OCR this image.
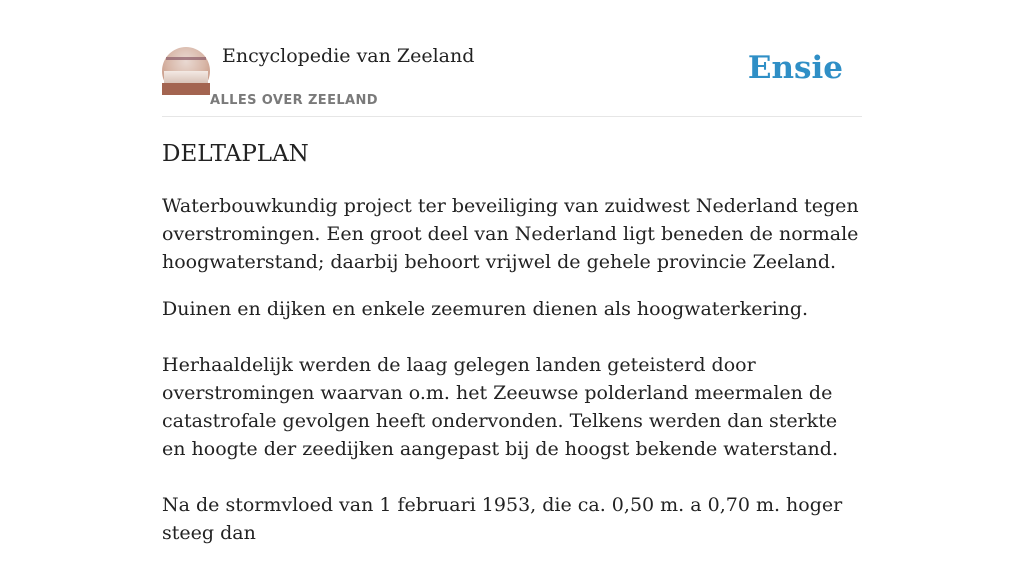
Encyclopedie van Zeeland
ALLES OVER ZEELAND
Ensie
DELTAPLAN

Waterbouwkundig project ter beveiliging van zuidwest Nederland tegen overstromingen. Een groot deel van Nederland ligt beneden de normale hoogwaterstand; daarbij behoort vrijwel de gehele provincie Zeeland.

Duinen en dijken en enkele zeemuren dienen als hoogwaterkering.

Herhaaldelijk werden de laag gelegen landen geteisterd door overstromingen waarvan o.m. het Zeeuwse polderland meermalen de catastrofale gevolgen heeft ondervonden. Telkens werden dan sterkte en hoogte der zeedijken aangepast bij de hoogst bekende waterstand.

Na de stormvloed van 1 februari 1953, die ca. 0,50 m. a 0,70 m. hoger steeg dan
